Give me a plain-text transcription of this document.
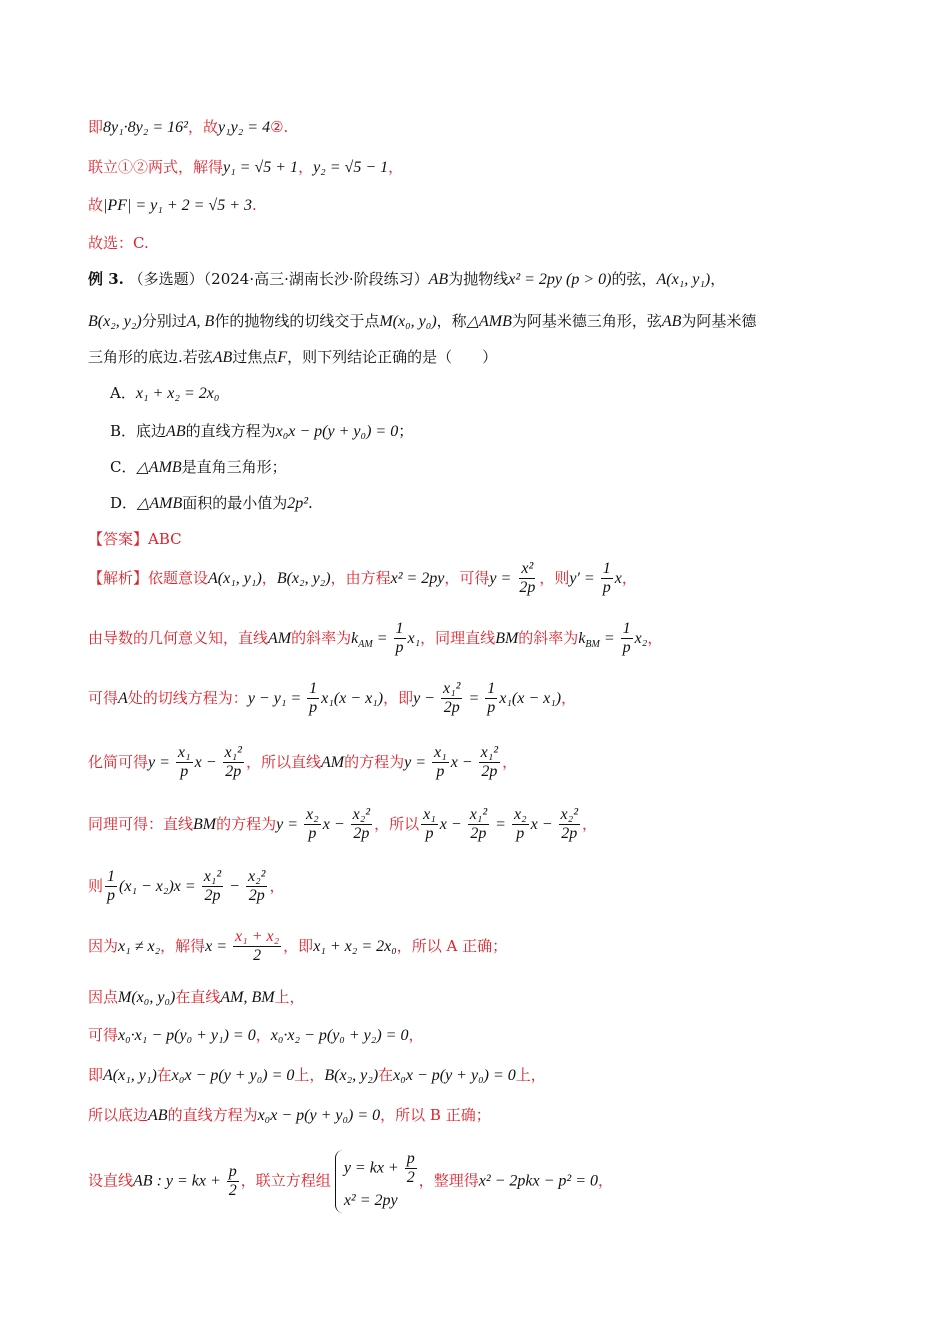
即8y₁·8y₂ = 16²，故y₁y₂ = 4②.
联立①②两式，解得y₁ = √5 + 1，y₂ = √5 − 1，
故|PF| = y₁ + 2 = √5 + 3.
故选：C.
例 3. （多选题）（2024·高三·湖南长沙·阶段练习）AB为抛物线x² = 2py (p > 0)的弦，A(x₁, y₁)，
B(x₂, y₂)分别过A, B作的抛物线的切线交于点M(x₀, y₀)，称△AMB为阿基米德三角形，弦AB为阿基米德
三角形的底边.若弦AB过焦点F，则下列结论正确的是（　　）
A．x₁ + x₂ = 2x₀
B．底边AB的直线方程为x₀x − p(y + y₀) = 0；
C．△AMB是直角三角形；
D．△AMB面积的最小值为2p².
【答案】ABC
【解析】依题意设A(x₁, y₁)，B(x₂, y₂)，由方程x² = 2py，可得$y = \frac{\text{x²}}{2p}$ ，则$y' = \frac{1}{p}$ x，
由导数的几何意义知，直线AM的斜率为$k_{AM} = \frac{1}{p} x_1$，同理直线BM的斜率为$k_{BM} = \frac{1}{p} x_2$，
可得A处的切线方程为：$y - y_1 = \frac{1}{p} x_1(x - x_1)$，即$y - \frac{\text{x₁²}}{2p} = \frac{1}{p} x_1(x - x_1)$，
化简可得$y = \frac{\text{x₁}}{p}$ $x - \frac{\text{x₁²}}{2p}$ ，所以直线AM的方程为$y = \frac{\text{x₁}}{p}$ $x - \frac{\text{x₁²}}{2p}$ ，
同理可得：直线BM的方程为$y = \frac{\text{x₂}}{p}$ $x - \frac{\text{x₂²}}{2p}$ ，所以 $\frac{\text{x₁}}{p}$ $x - \frac{\text{x₁²}}{2p} = \frac{\text{x₂}}{p}$ $x - \frac{\text{x₂²}}{2p}$ ，
则 $\frac{1}{p} (x_1 - x_2)x = \frac{\text{x₁²}}{2p} - \frac{\text{x₂²}}{2p}$ ，
因为x₁ ≠ x₂，解得$x = \frac{\text{x₁ + x₂}}{2}$ ，即x₁ + x₂ = 2x₀，所以 A 正确；
因点M(x₀, y₀)在直线AM, BM上，
可得x₀·x₁ − p(y₀ + y₁) = 0，x₀·x₂ − p(y₀ + y₂) = 0，
即A(x₁, y₁)在x₀x − p(y + y₀) = 0上，B(x₂, y₂)在x₀x − p(y + y₀) = 0上，
所以底边AB的直线方程为x₀x − p(y + y₀) = 0，所以 B 正确；
设直线AB : y = kx + $\frac{p}{2}$ ，联立方程组
y = kx + $\frac{p}{2}$
x² = 2py
，整理得x² − 2pkx − p² = 0，
